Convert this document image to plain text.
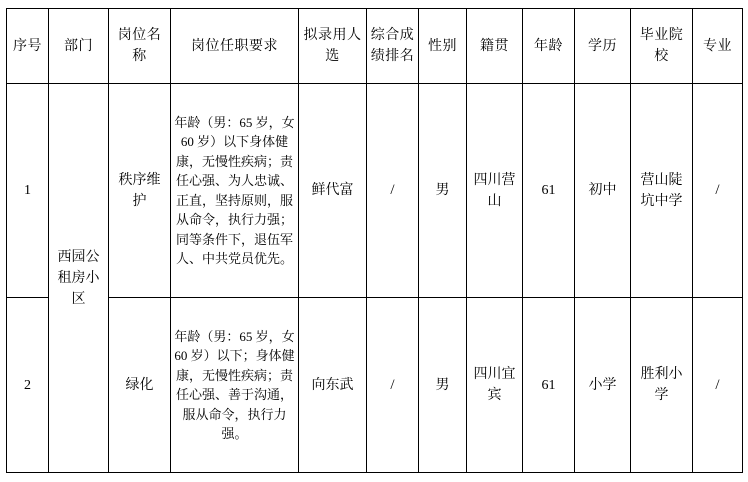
序号	部门	岗位名称	岗位任职要求	拟录用人选	综合成绩排名	性别	籍贯	年龄	学历	毕业院校	专业
1	西园公租房小区	秩序维护	年龄（男：65 岁，女 60 岁）以下身体健康，无慢性疾病；责任心强、为人忠诚、正直，坚持原则，服从命令，执行力强；同等条件下，退伍军人、中共党员优先。	鲜代富	/	男	四川营山	61	初中	营山陡坑中学	/
2		绿化	年龄（男：65 岁，女 60 岁）以下；身体健康，无慢性疾病；责任心强、善于沟通，服从命令，执行力强。	向东武	/	男	四川宜宾	61	小学	胜利小学	/
